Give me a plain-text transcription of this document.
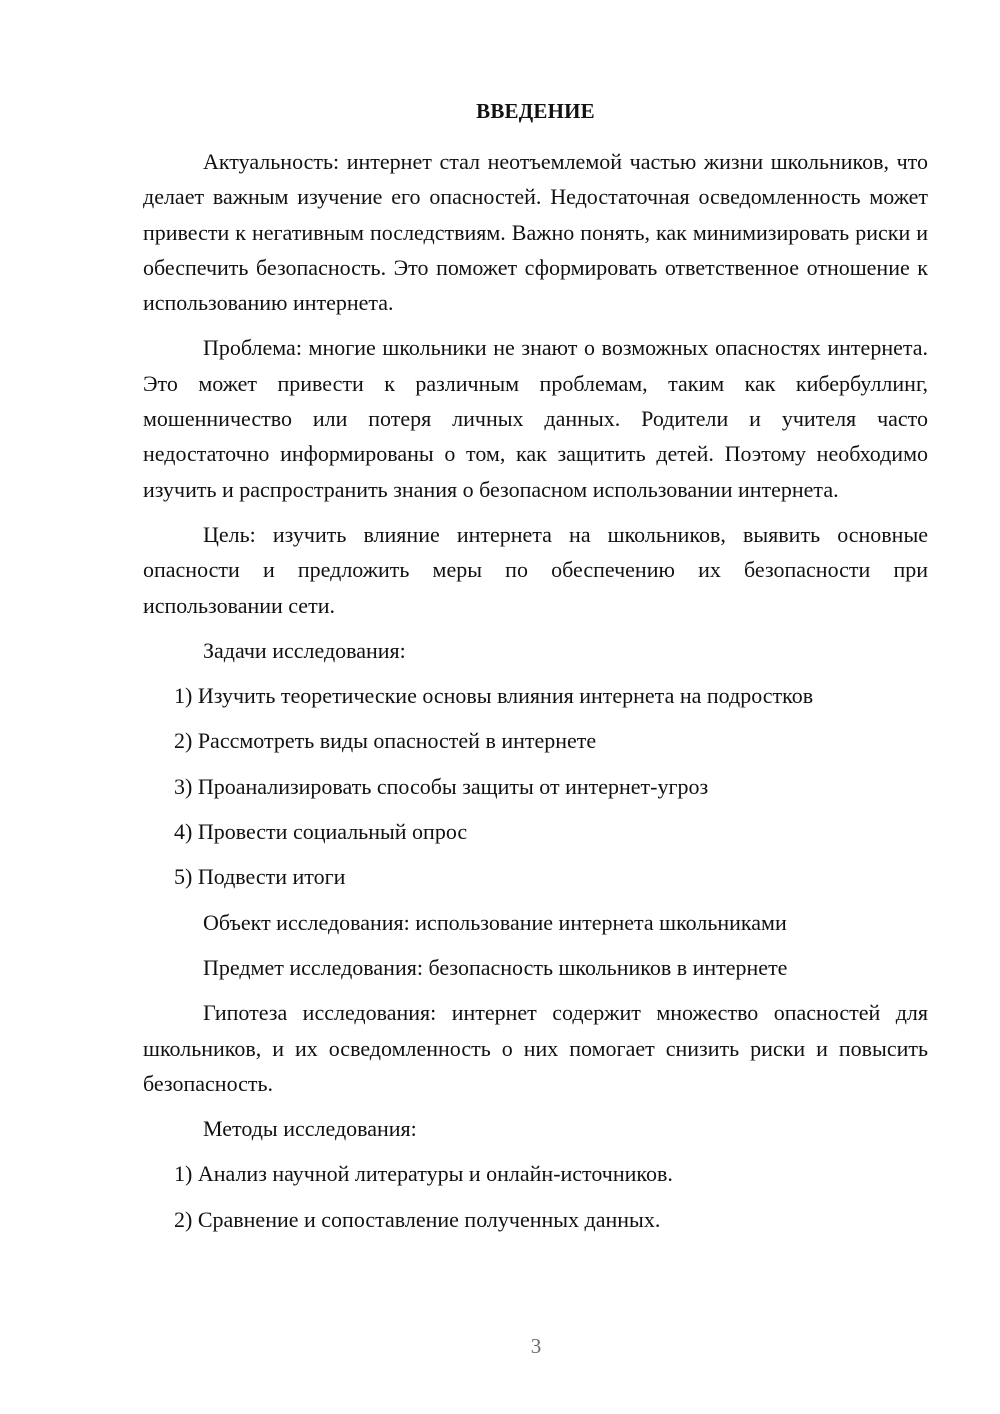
ВВЕДЕНИЕ

Актуальность: интернет стал неотъемлемой частью жизни школьников, что делает важным изучение его опасностей. Недостаточная осведомленность может привести к негативным последствиям. Важно понять, как минимизировать риски и обеспечить безопасность. Это поможет сформировать ответственное отношение к использованию интернета.

Проблема: многие школьники не знают о возможных опасностях интернета. Это может привести к различным проблемам, таким как кибербуллинг, мошенничество или потеря личных данных. Родители и учителя часто недостаточно информированы о том, как защитить детей. Поэтому необходимо изучить и распространить знания о безопасном использовании интернета.

Цель: изучить влияние интернета на школьников, выявить основные опасности и предложить меры по обеспечению их безопасности при использовании сети.

Задачи исследования:
1) Изучить теоретические основы влияния интернета на подростков
2) Рассмотреть виды опасностей в интернете
3) Проанализировать способы защиты от интернет-угроз
4) Провести социальный опрос
5) Подвести итоги
Объект исследования: использование интернета школьниками
Предмет исследования: безопасность школьников в интернете

Гипотеза исследования: интернет содержит множество опасностей для школьников, и их осведомленность о них помогает снизить риски и повысить безопасность.

Методы исследования:
1) Анализ научной литературы и онлайн-источников.
2) Сравнение и сопоставление полученных данных.
3
